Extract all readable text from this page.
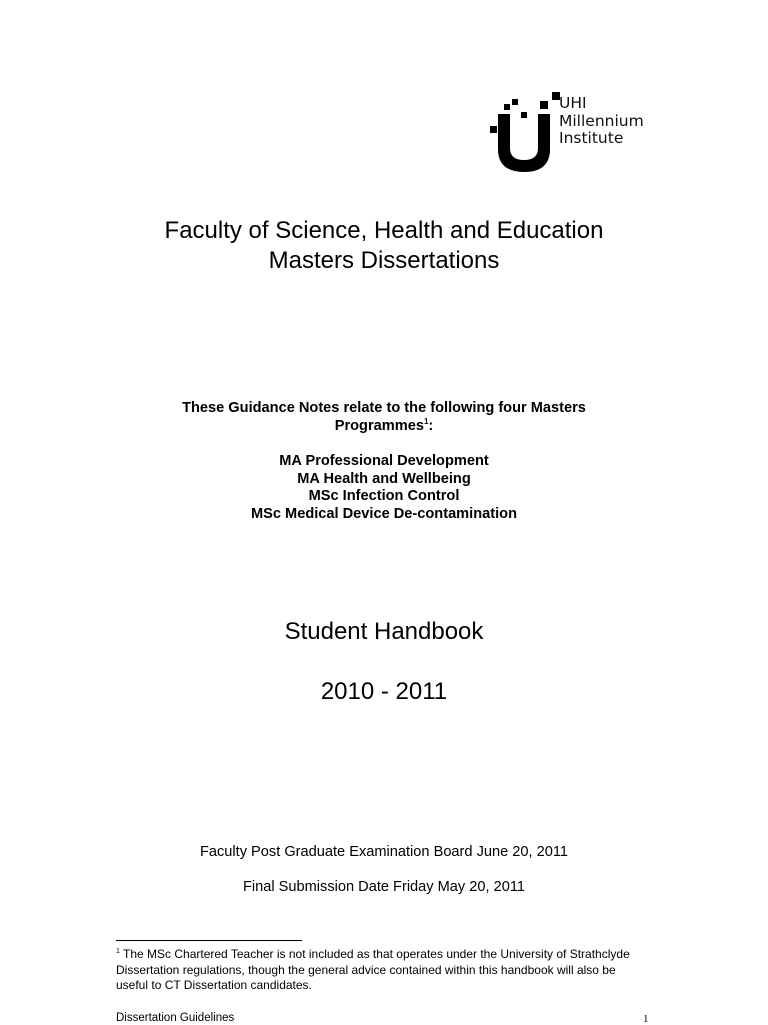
UHI
Millennium
Institute
Faculty of Science, Health and Education
Masters Dissertations
These Guidance Notes relate to the following four Masters
Programmes$^1$:
MA Professional Development
MA Health and Wellbeing
MSc Infection Control
MSc Medical Device De-contamination
Student Handbook
2010 - 2011
Faculty Post Graduate Examination Board June 20, 2011
Final Submission Date Friday May 20, 2011
$^1$ The MSc Chartered Teacher is not included as that operates under the University of Strathclyde Dissertation regulations, though the general advice contained within this handbook will also be useful to CT Dissertation candidates.
Dissertation Guidelines	1
